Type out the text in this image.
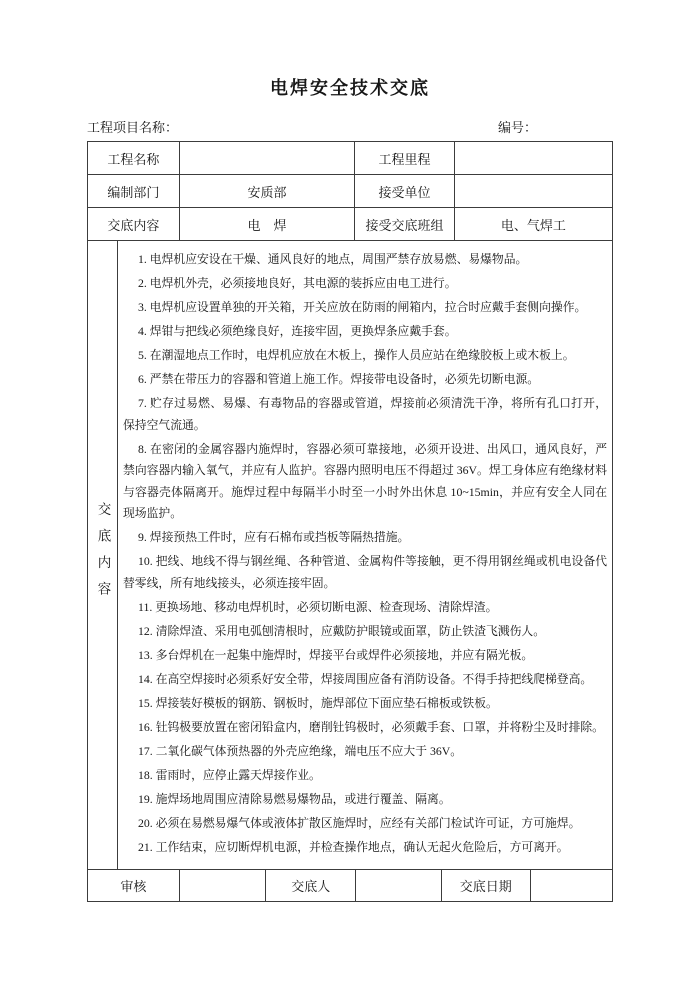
电焊安全技术交底
工程项目名称：	编号：
工程名称	工程里程
编制部门	安质部	接受单位
交底内容	电　焊	接受交底班组	电、气焊工
交底内容

1. 电焊机应安设在干燥、通风良好的地点，周围严禁存放易燃、易爆物品。

2. 电焊机外壳，必须接地良好，其电源的装拆应由电工进行。

3. 电焊机应设置单独的开关箱，开关应放在防雨的闸箱内，拉合时应戴手套侧向操作。

4. 焊钳与把线必须绝缘良好，连接牢固，更换焊条应戴手套。

5. 在潮湿地点工作时，电焊机应放在木板上，操作人员应站在绝缘胶板上或木板上。

6. 严禁在带压力的容器和管道上施工作。焊接带电设备时，必须先切断电源。

7. 贮存过易燃、易爆、有毒物品的容器或管道，焊接前必须清洗干净，将所有孔口打开，保持空气流通。

8. 在密闭的金属容器内施焊时，容器必须可靠接地，必须开设进、出风口，通风良好，严禁向容器内输入氧气，并应有人监护。容器内照明电压不得超过 36V。焊工身体应有绝缘材料与容器壳体隔离开。施焊过程中每隔半小时至一小时外出休息 10~15min，并应有安全人同在现场监护。

9. 焊接预热工件时，应有石棉布或挡板等隔热措施。

10. 把线、地线不得与钢丝绳、各种管道、金属构件等接触，更不得用钢丝绳或机电设备代替零线，所有地线接头，必须连接牢固。

11. 更换场地、移动电焊机时，必须切断电源、检查现场、清除焊渣。

12. 清除焊渣、采用电弧刨清根时，应戴防护眼镜或面罩，防止铁渣飞溅伤人。

13. 多台焊机在一起集中施焊时，焊接平台或焊件必须接地，并应有隔光板。

14. 在高空焊接时必须系好安全带，焊接周围应备有消防设备。不得手持把线爬梯登高。

15. 焊接装好模板的钢筋、钢板时，施焊部位下面应垫石棉板或铁板。

16. 钍钨极要放置在密闭铅盒内，磨削钍钨极时，必须戴手套、口罩，并将粉尘及时排除。

17. 二氧化碳气体预热器的外壳应绝缘，端电压不应大于 36V。

18. 雷雨时，应停止露天焊接作业。

19. 施焊场地周围应清除易燃易爆物品，或进行覆盖、隔离。

20. 必须在易燃易爆气体或液体扩散区施焊时，应经有关部门检试许可证，方可施焊。

21. 工作结束，应切断焊机电源，并检查操作地点，确认无起火危险后，方可离开。

审核	交底人	交底日期
